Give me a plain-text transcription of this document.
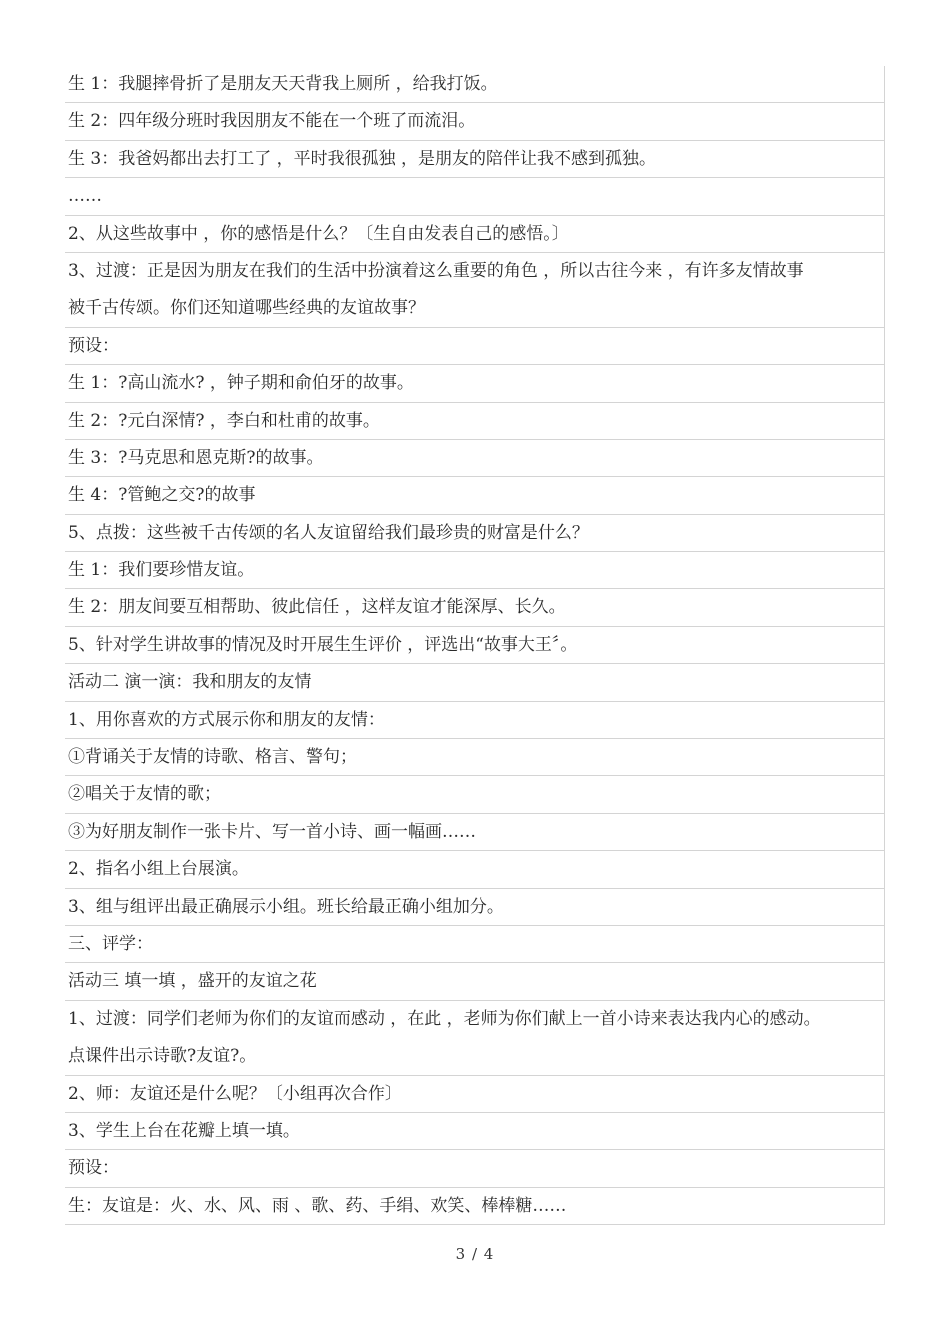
生 1：我腿摔骨折了是朋友天天背我上厕所 ，给我打饭。
生 2：四年级分班时我因朋友不能在一个班了而流泪。
生 3：我爸妈都出去打工了 ，平时我很孤独 ，是朋友的陪伴让我不感到孤独。
……
2、从这些故事中 ，你的感悟是什么？〔生自由发表自己的感悟。〕
3、过渡：正是因为朋友在我们的生活中扮演着这么重要的角色 ，所以古往今来 ，有许多友情故事
被千古传颂。你们还知道哪些经典的友谊故事？
预设：
生 1：?高山流水? ，钟子期和俞伯牙的故事。
生 2：?元白深情? ，李白和杜甫的故事。
生 3：?马克思和恩克斯?的故事。
生 4：?管鲍之交?的故事
5、点拨：这些被千古传颂的名人友谊留给我们最珍贵的财富是什么？
生 1：我们要珍惜友谊。
生 2：朋友间要互相帮助、彼此信任 ，这样友谊才能深厚、长久。
5、针对学生讲故事的情况及时开展生生评价 ，评选出“故事大王〞。
活动二 演一演：我和朋友的友情
1、用你喜欢的方式展示你和朋友的友情：
①背诵关于友情的诗歌、格言、警句；
②唱关于友情的歌；
③为好朋友制作一张卡片、写一首小诗、画一幅画……
2、指名小组上台展演。
3、组与组评出最正确展示小组。班长给最正确小组加分。
三、评学：
活动三 填一填 ，盛开的友谊之花
1、过渡：同学们老师为你们的友谊而感动 ，在此 ，老师为你们献上一首小诗来表达我内心的感动。
点课件出示诗歌?友谊?。
2、师：友谊还是什么呢？〔小组再次合作〕
3、学生上台在花瓣上填一填。
预设：
生：友谊是：火、水、风、雨 、歌、药、手绢、欢笑、棒棒糖……
3 / 4
